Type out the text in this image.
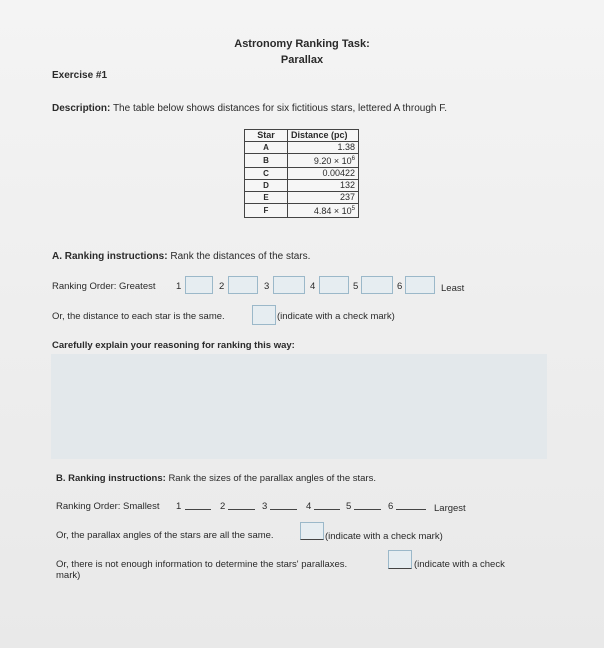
Astronomy Ranking Task:
Parallax
Exercise #1
Description: The table below shows distances for six fictitious stars, lettered A through F.
Star	Distance (pc)
A	1.38
B	$9.20 \times 10^6$
C	0.00422
D	132
E	237
F	$4.84 \times 10^5$
A. Ranking instructions: Rank the distances of the stars.
Ranking Order: Greatest 1	2	3	4	5	6	Least
Or, the distance to each star is the same.	(indicate with a check mark)
Carefully explain your reasoning for ranking this way:
B. Ranking instructions: Rank the sizes of the parallax angles of the stars.
Ranking Order: Smallest 1	2	3	4	5	6	Largest
Or, the parallax angles of the stars are all the same.	(indicate with a check mark)
Or, there is not enough information to determine the stars' parallaxes.	(indicate with a check
mark)
